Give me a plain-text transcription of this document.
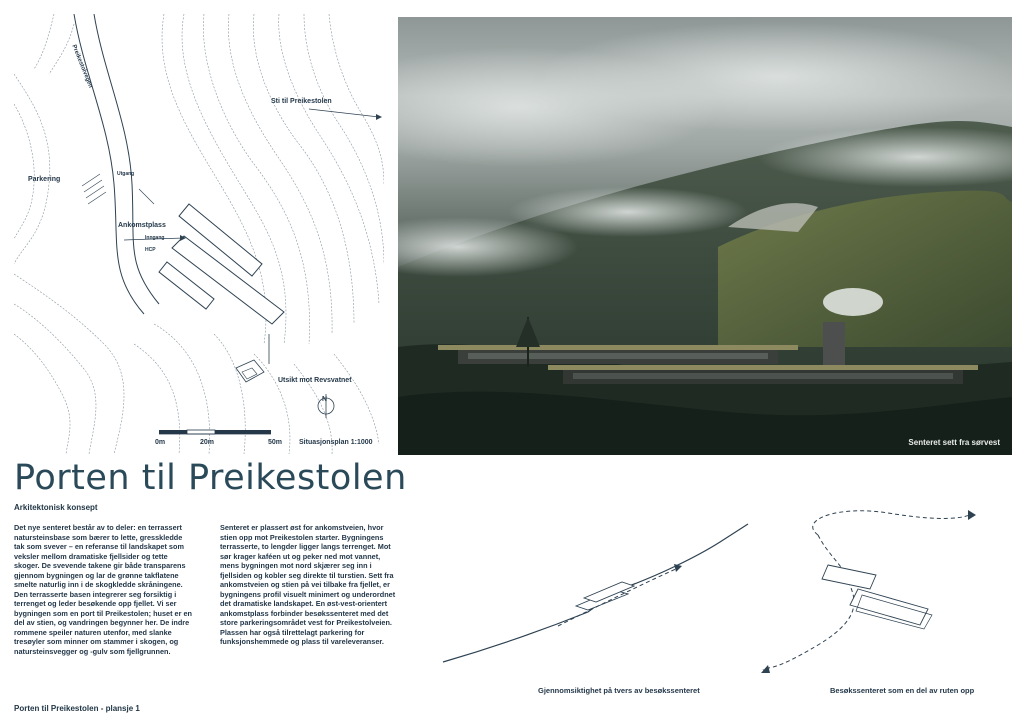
Preikestolvegen
Sti til Preikestolen
Parkering
Utgang
Ankomstplass
Inngang
HCP
Utsikt mot Revsvatnet
N
0m	20m	50m Situasjonsplan 1:1000	Senteret sett fra sørvest
Porten til Preikestolen
Arkitektonisk konsept
Det nye senteret består av to deler: en terrassert natursteinsbase som bærer to lette, gresskledde tak som svever – en referanse til landskapet som veksler mellom dramatiske fjellsider og tette skoger. De svevende takene gir både transparens gjennom bygningen og lar de grønne takflatene smelte naturlig inn i de skogkledde skråningene. Den terrasserte basen integrerer seg forsiktig i terrenget og leder besøkende opp fjellet. Vi ser bygningen som en port til Preikestolen; huset er en del av stien, og vandringen begynner her. De indre rommene speiler naturen utenfor, med slanke tresøyler som minner om stammer i skogen, og natursteinsvegger og -gulv som fjellgrunnen.
Senteret er plassert øst for ankomstveien, hvor stien opp mot Preikestolen starter. Bygningens terrasserte, to lengder ligger langs terrenget. Mot sør krager kaféen ut og peker ned mot vannet, mens bygningen mot nord skjærer seg inn i fjellsiden og kobler seg direkte til turstien. Sett fra ankomstveien og stien på vei tilbake fra fjellet, er bygningens profil visuelt minimert og underordnet det dramatiske landskapet. En øst-vest-orientert ankomstplass forbinder besøkssenteret med det store parkeringsområdet vest for Preikestolveien. Plassen har også tilrettelagt parkering for funksjonshemmede og plass til vareleveranser.
Porten til Preikestolen - plansje 1
Gjennomsiktighet på tvers av besøkssenteret	Besøkssenteret som en del av ruten opp
